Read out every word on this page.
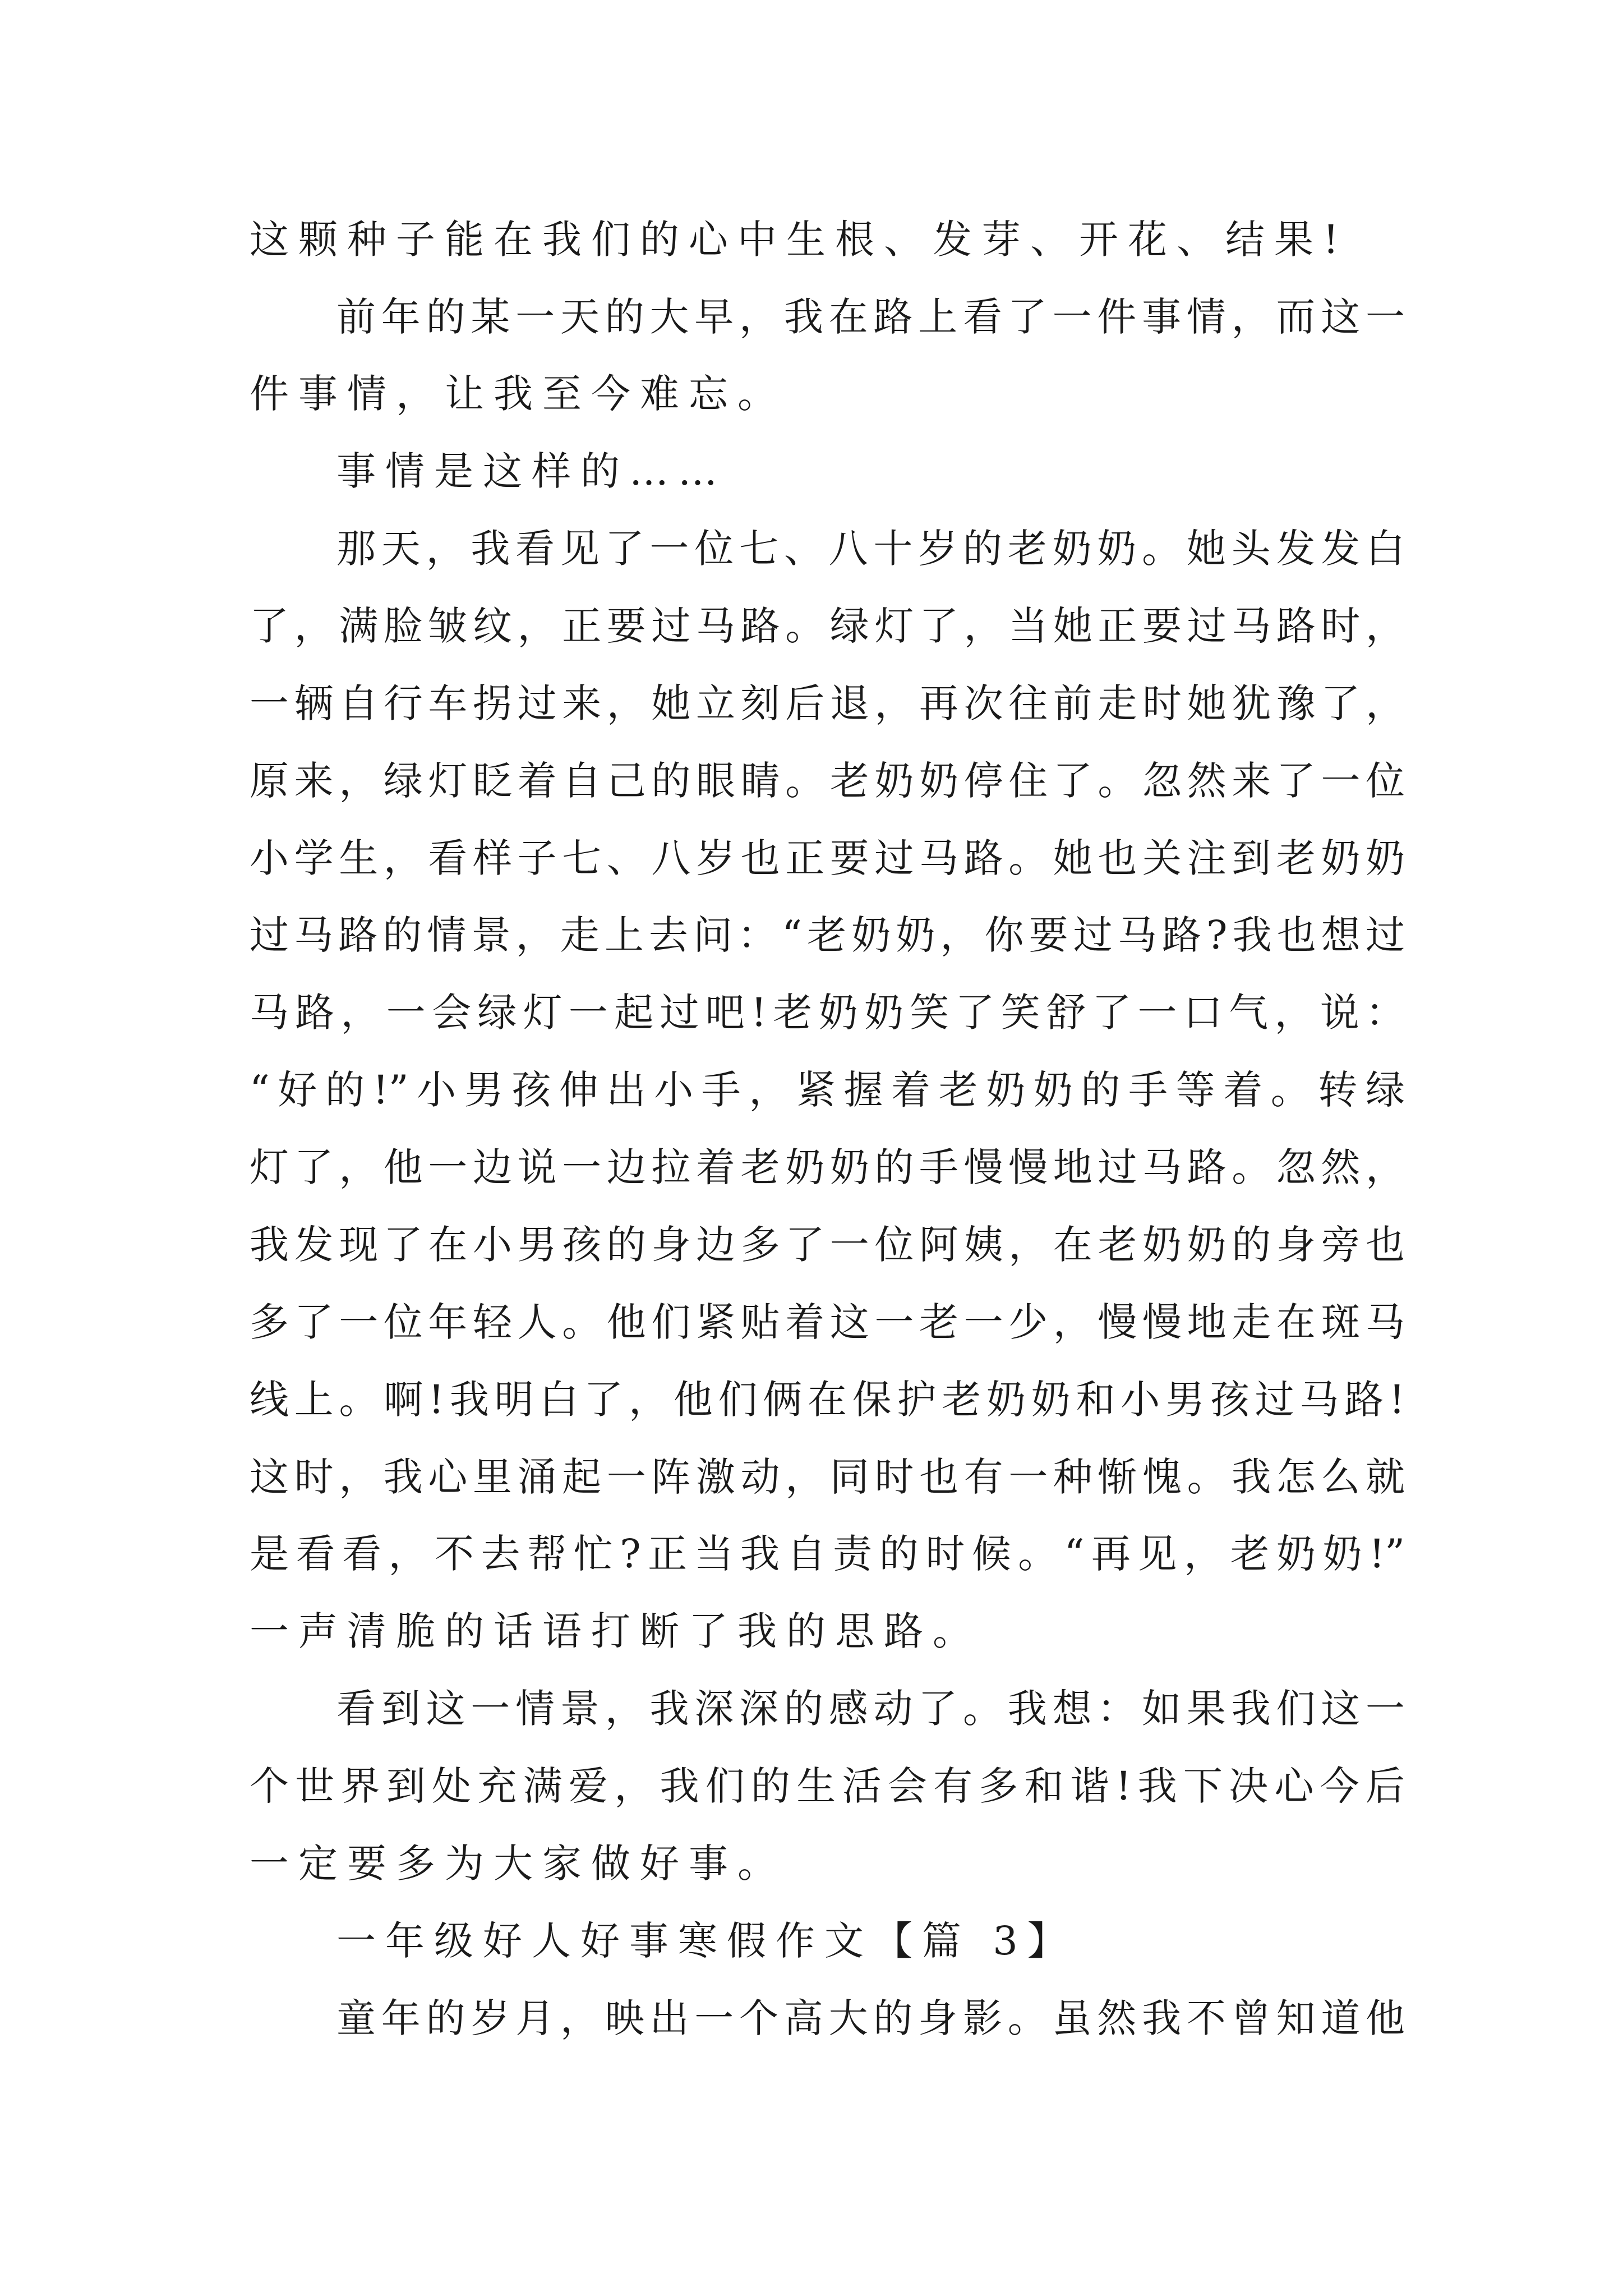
这颗种子能在我们的心中生根、发芽、开花、结果!
前年的某一天的大早，我在路上看了一件事情，而这一
件事情，让我至今难忘。
事情是这样的……
那天，我看见了一位七、八十岁的老奶奶。她头发发白
了，满脸皱纹，正要过马路。绿灯了，当她正要过马路时，
一辆自行车拐过来，她立刻后退，再次往前走时她犹豫了，
原来，绿灯眨着自己的眼睛。老奶奶停住了。忽然来了一位
小学生，看样子七、八岁也正要过马路。她也关注到老奶奶
过马路的情景，走上去问：“老奶奶，你要过马路?我也想过
马路，一会绿灯一起过吧!老奶奶笑了笑舒了一口气，说：
“好的!”小男孩伸出小手，紧握着老奶奶的手等着。转绿
灯了，他一边说一边拉着老奶奶的手慢慢地过马路。忽然，
我发现了在小男孩的身边多了一位阿姨，在老奶奶的身旁也
多了一位年轻人。他们紧贴着这一老一少，慢慢地走在斑马
线上。啊!我明白了，他们俩在保护老奶奶和小男孩过马路!
这时，我心里涌起一阵激动，同时也有一种惭愧。我怎么就
是看看，不去帮忙?正当我自责的时候。“再见，老奶奶!”
一声清脆的话语打断了我的思路。
看到这一情景，我深深的感动了。我想：如果我们这一
个世界到处充满爱，我们的生活会有多和谐!我下决心今后
一定要多为大家做好事。
一年级好人好事寒假作文【篇 3】
童年的岁月，映出一个高大的身影。虽然我不曾知道他
